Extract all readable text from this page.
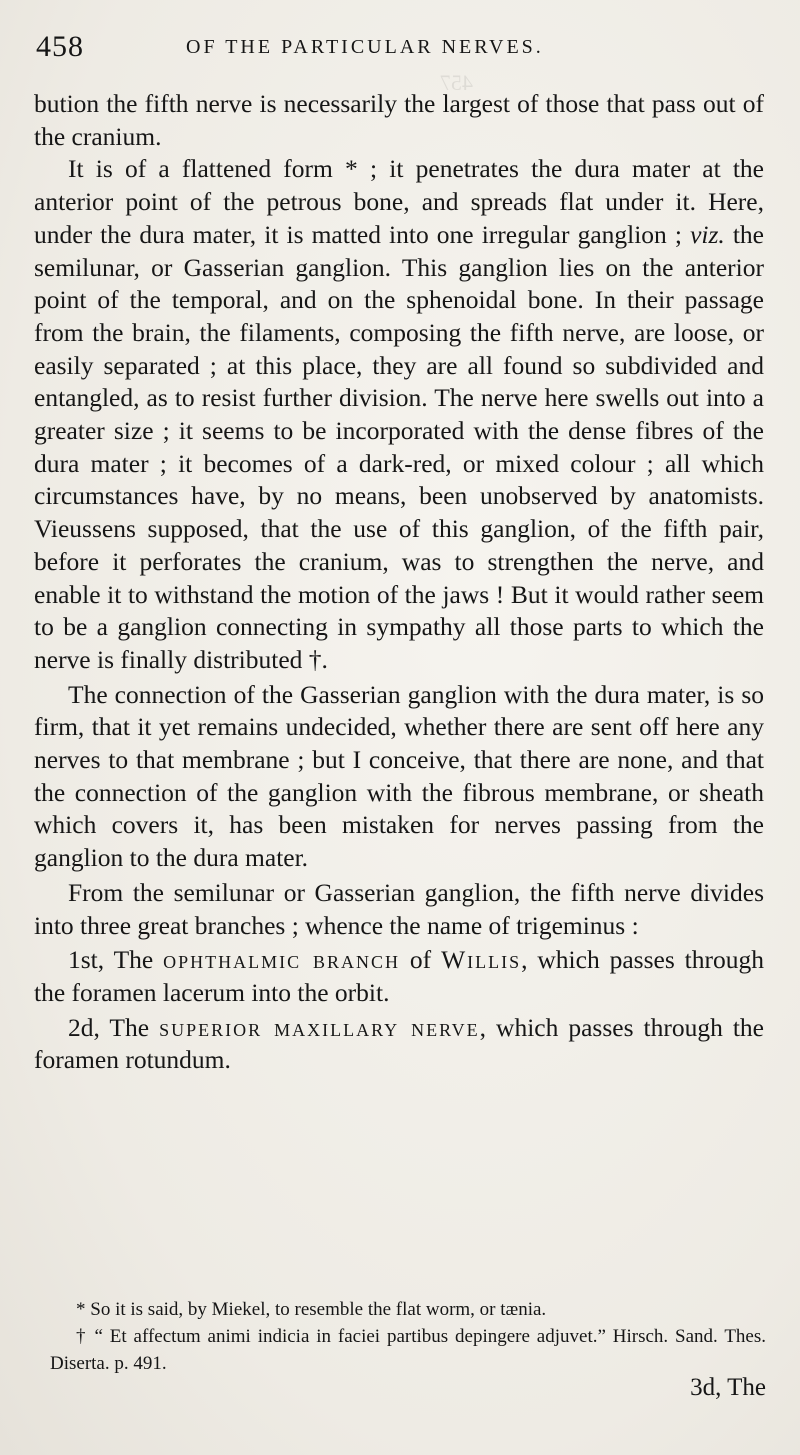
457
458	OF THE PARTICULAR NERVES.

bution the fifth nerve is necessarily the largest of those that pass out of the cranium.

It is of a flattened form * ; it penetrates the dura mater at the anterior point of the petrous bone, and spreads flat under it. Here, under the dura mater, it is matted into one irregular ganglion ; viz. the semilunar, or Gasserian ganglion. This ganglion lies on the anterior point of the temporal, and on the sphenoidal bone. In their passage from the brain, the filaments, composing the fifth nerve, are loose, or easily separated ; at this place, they are all found so subdivided and entangled, as to resist further division. The nerve here swells out into a greater size ; it seems to be incorporated with the dense fibres of the dura mater ; it becomes of a dark-red, or mixed colour ; all which circumstances have, by no means, been unobserved by anatomists. Vieussens supposed, that the use of this ganglion, of the fifth pair, before it perforates the cranium, was to strengthen the nerve, and enable it to withstand the motion of the jaws ! But it would rather seem to be a ganglion connecting in sympathy all those parts to which the nerve is finally distributed †.

The connection of the Gasserian ganglion with the dura mater, is so firm, that it yet remains undecided, whether there are sent off here any nerves to that membrane ; but I conceive, that there are none, and that the connection of the ganglion with the fibrous membrane, or sheath which covers it, has been mistaken for nerves passing from the ganglion to the dura mater.

From the semilunar or Gasserian ganglion, the fifth nerve divides into three great branches ; whence the name of trigeminus :

1st, The ophthalmic branch of Willis, which passes through the foramen lacerum into the orbit.

2d, The superior maxillary nerve, which passes through the foramen rotundum.

* So it is said, by Miekel, to resemble the flat worm, or tænia.

† “ Et affectum animi indicia in faciei partibus depingere adjuvet.” Hirsch. Sand. Thes. Diserta. p. 491.

3d, The
